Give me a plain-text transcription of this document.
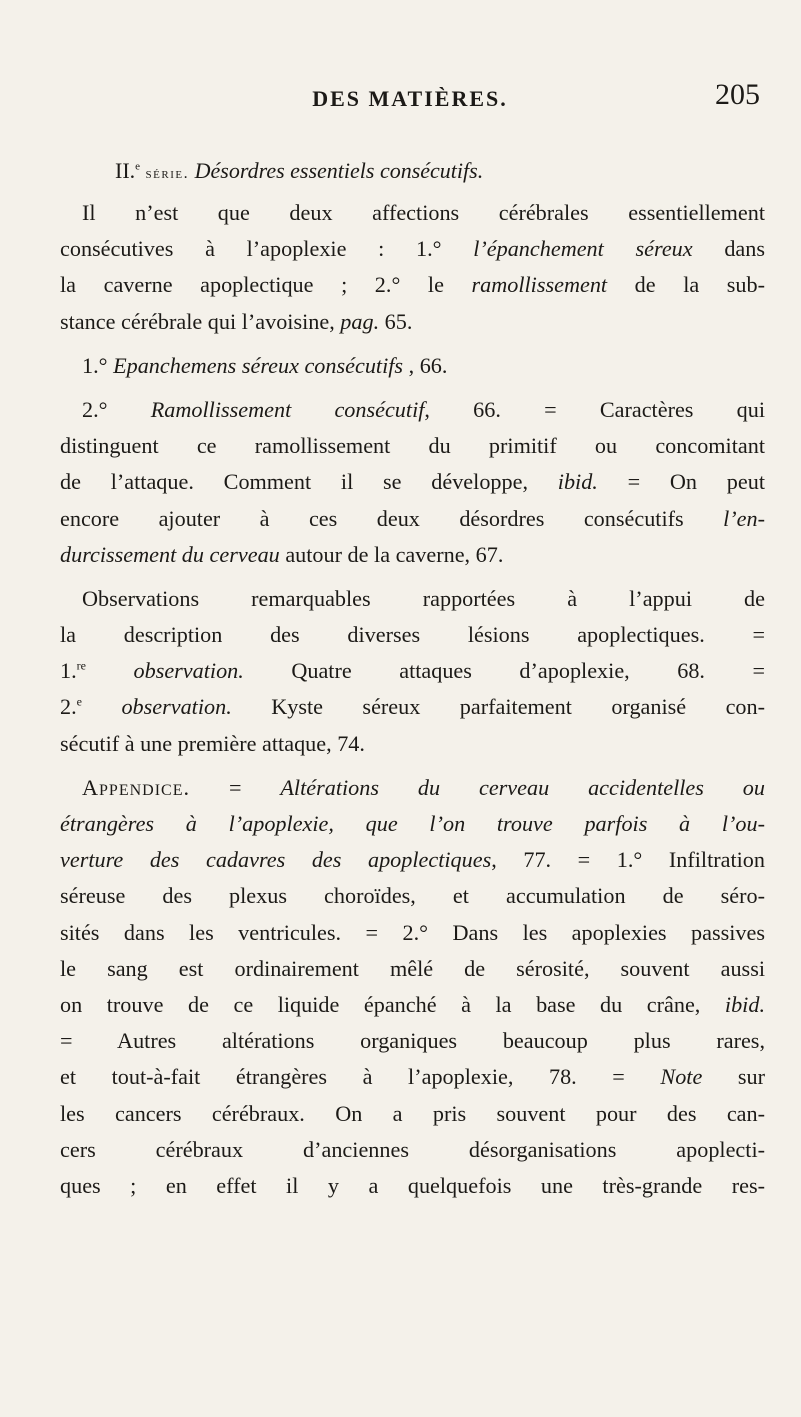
DES MATIÈRES.	205
II.$^e$ série. Désordres essentiels consécutifs.
Il n’est que deux affections cérébrales essentiellement
consécutives à l’apoplexie : 1.° l’épanchement séreux dans
la caverne apoplectique ; 2.° le ramollissement de la sub-
stance cérébrale qui l’avoisine, pag. 65.
1.° Epanchemens séreux consécutifs , 66.
2.° Ramollissement consécutif, 66. = Caractères qui
distinguent ce ramollissement du primitif ou concomitant
de l’attaque. Comment il se développe, ibid. = On peut
encore ajouter à ces deux désordres consécutifs l’en-
durcissement du cerveau autour de la caverne, 67.
Observations remarquables rapportées à l’appui de
la description des diverses lésions apoplectiques. =
1.$^{re}$ observation. Quatre attaques d’apoplexie, 68. =
2.$^e$ observation. Kyste séreux parfaitement organisé con-
sécutif à une première attaque, 74.
Appendice. = Altérations du cerveau accidentelles ou
étrangères à l’apoplexie, que l’on trouve parfois à l’ou-
verture des cadavres des apoplectiques, 77. = 1.° Infiltration
séreuse des plexus choroïdes, et accumulation de séro-
sités dans les ventricules. = 2.° Dans les apoplexies passives
le sang est ordinairement mêlé de sérosité, souvent aussi
on trouve de ce liquide épanché à la base du crâne, ibid.
= Autres altérations organiques beaucoup plus rares,
et tout-à-fait étrangères à l’apoplexie, 78. = Note sur
les cancers cérébraux. On a pris souvent pour des can-
cers cérébraux d’anciennes désorganisations apoplecti-
ques ; en effet il y a quelquefois une très-grande res-
